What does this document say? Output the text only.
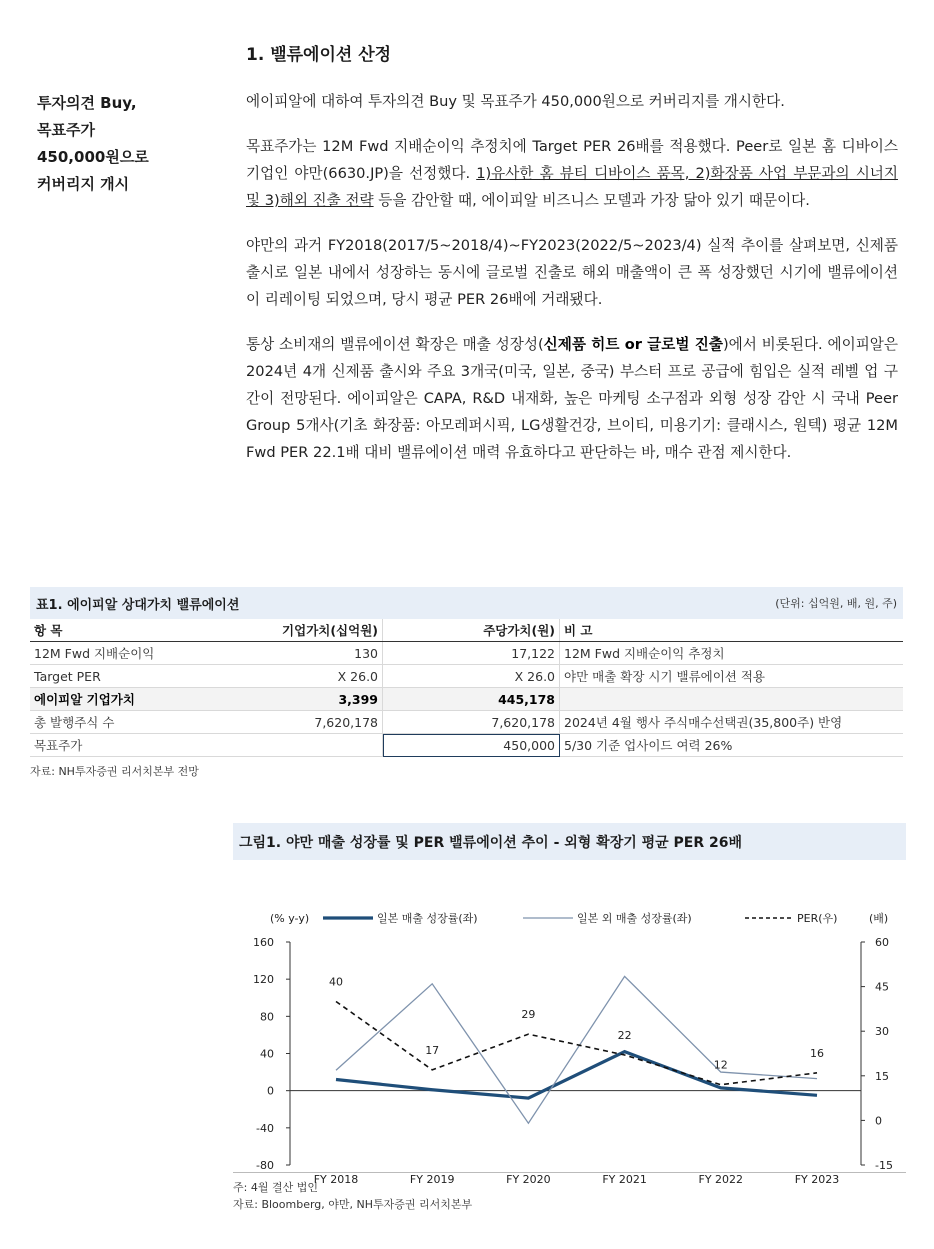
1. 밸류에이션 산정
투자의견 Buy,
목표주가
450,000원으로
커버리지 개시

에이피알에 대하여 투자의견 Buy 및 목표주가 450,000원으로 커버리지를 개시한다.

목표주가는 12M Fwd 지배순이익 추정치에 Target PER 26배를 적용했다. Peer로 일본 홈 디바이스 기업인 야만(6630.JP)을 선정했다. 1)유사한 홈 뷰티 디바이스 품목, 2)화장품 사업 부문과의 시너지 및 3)해외 진출 전략 등을 감안할 때, 에이피알 비즈니스 모델과 가장 닮아 있기 때문이다.

야만의 과거 FY2018(2017/5~2018/4)~FY2023(2022/5~2023/4) 실적 추이를 살펴보면, 신제품 출시로 일본 내에서 성장하는 동시에 글로벌 진출로 해외 매출액이 큰 폭 성장했던 시기에 밸류에이션이 리레이팅 되었으며, 당시 평균 PER 26배에 거래됐다.

통상 소비재의 밸류에이션 확장은 매출 성장성(신제품 히트 or 글로벌 진출)에서 비롯된다. 에이피알은 2024년 4개 신제품 출시와 주요 3개국(미국, 일본, 중국) 부스터 프로 공급에 힘입은 실적 레벨 업 구간이 전망된다. 에이피알은 CAPA, R&D 내재화, 높은 마케팅 소구점과 외형 성장 감안 시 국내 Peer Group 5개사(기초 화장품: 아모레퍼시픽, LG생활건강, 브이티, 미용기기: 클래시스, 원텍) 평균 12M Fwd PER 22.1배 대비 밸류에이션 매력 유효하다고 판단하는 바, 매수 관점 제시한다.

표1. 에이피알 상대가치 밸류에이션	(단위: 십억원, 배, 원, 주)
항 목	기업가치(십억원)	주당가치(원)	비 고
12M Fwd 지배순이익	130	17,122	12M Fwd 지배순이익 추정치
Target PER	X 26.0	X 26.0	야만 매출 확장 시기 밸류에이션 적용
에이피알 기업가치	3,399	445,178	
총 발행주식 수	7,620,178	7,620,178	2024년 4월 행사 주식매수선택권(35,800주) 반영
목표주가		450,000	5/30 기준 업사이드 여력 26%
자료: NH투자증권 리서치본부 전망
그림1. 야만 매출 성장률 및 PER 밸류에이션 추이 - 외형 확장기 평균 PER 26배
(% y-y)	(배)
160
120
80
40
0
-40
-80
60
45
30
15
0
-15
FY 2018	FY 2019	FY 2020	FY 2021	FY 2022	FY 2023
40
17
29
22
12
16
일본 매출 성장률(좌)	일본 외 매출 성장률(좌)	PER(우)
주: 4월 결산 법인
자료: Bloomberg, 야만, NH투자증권 리서치본부
